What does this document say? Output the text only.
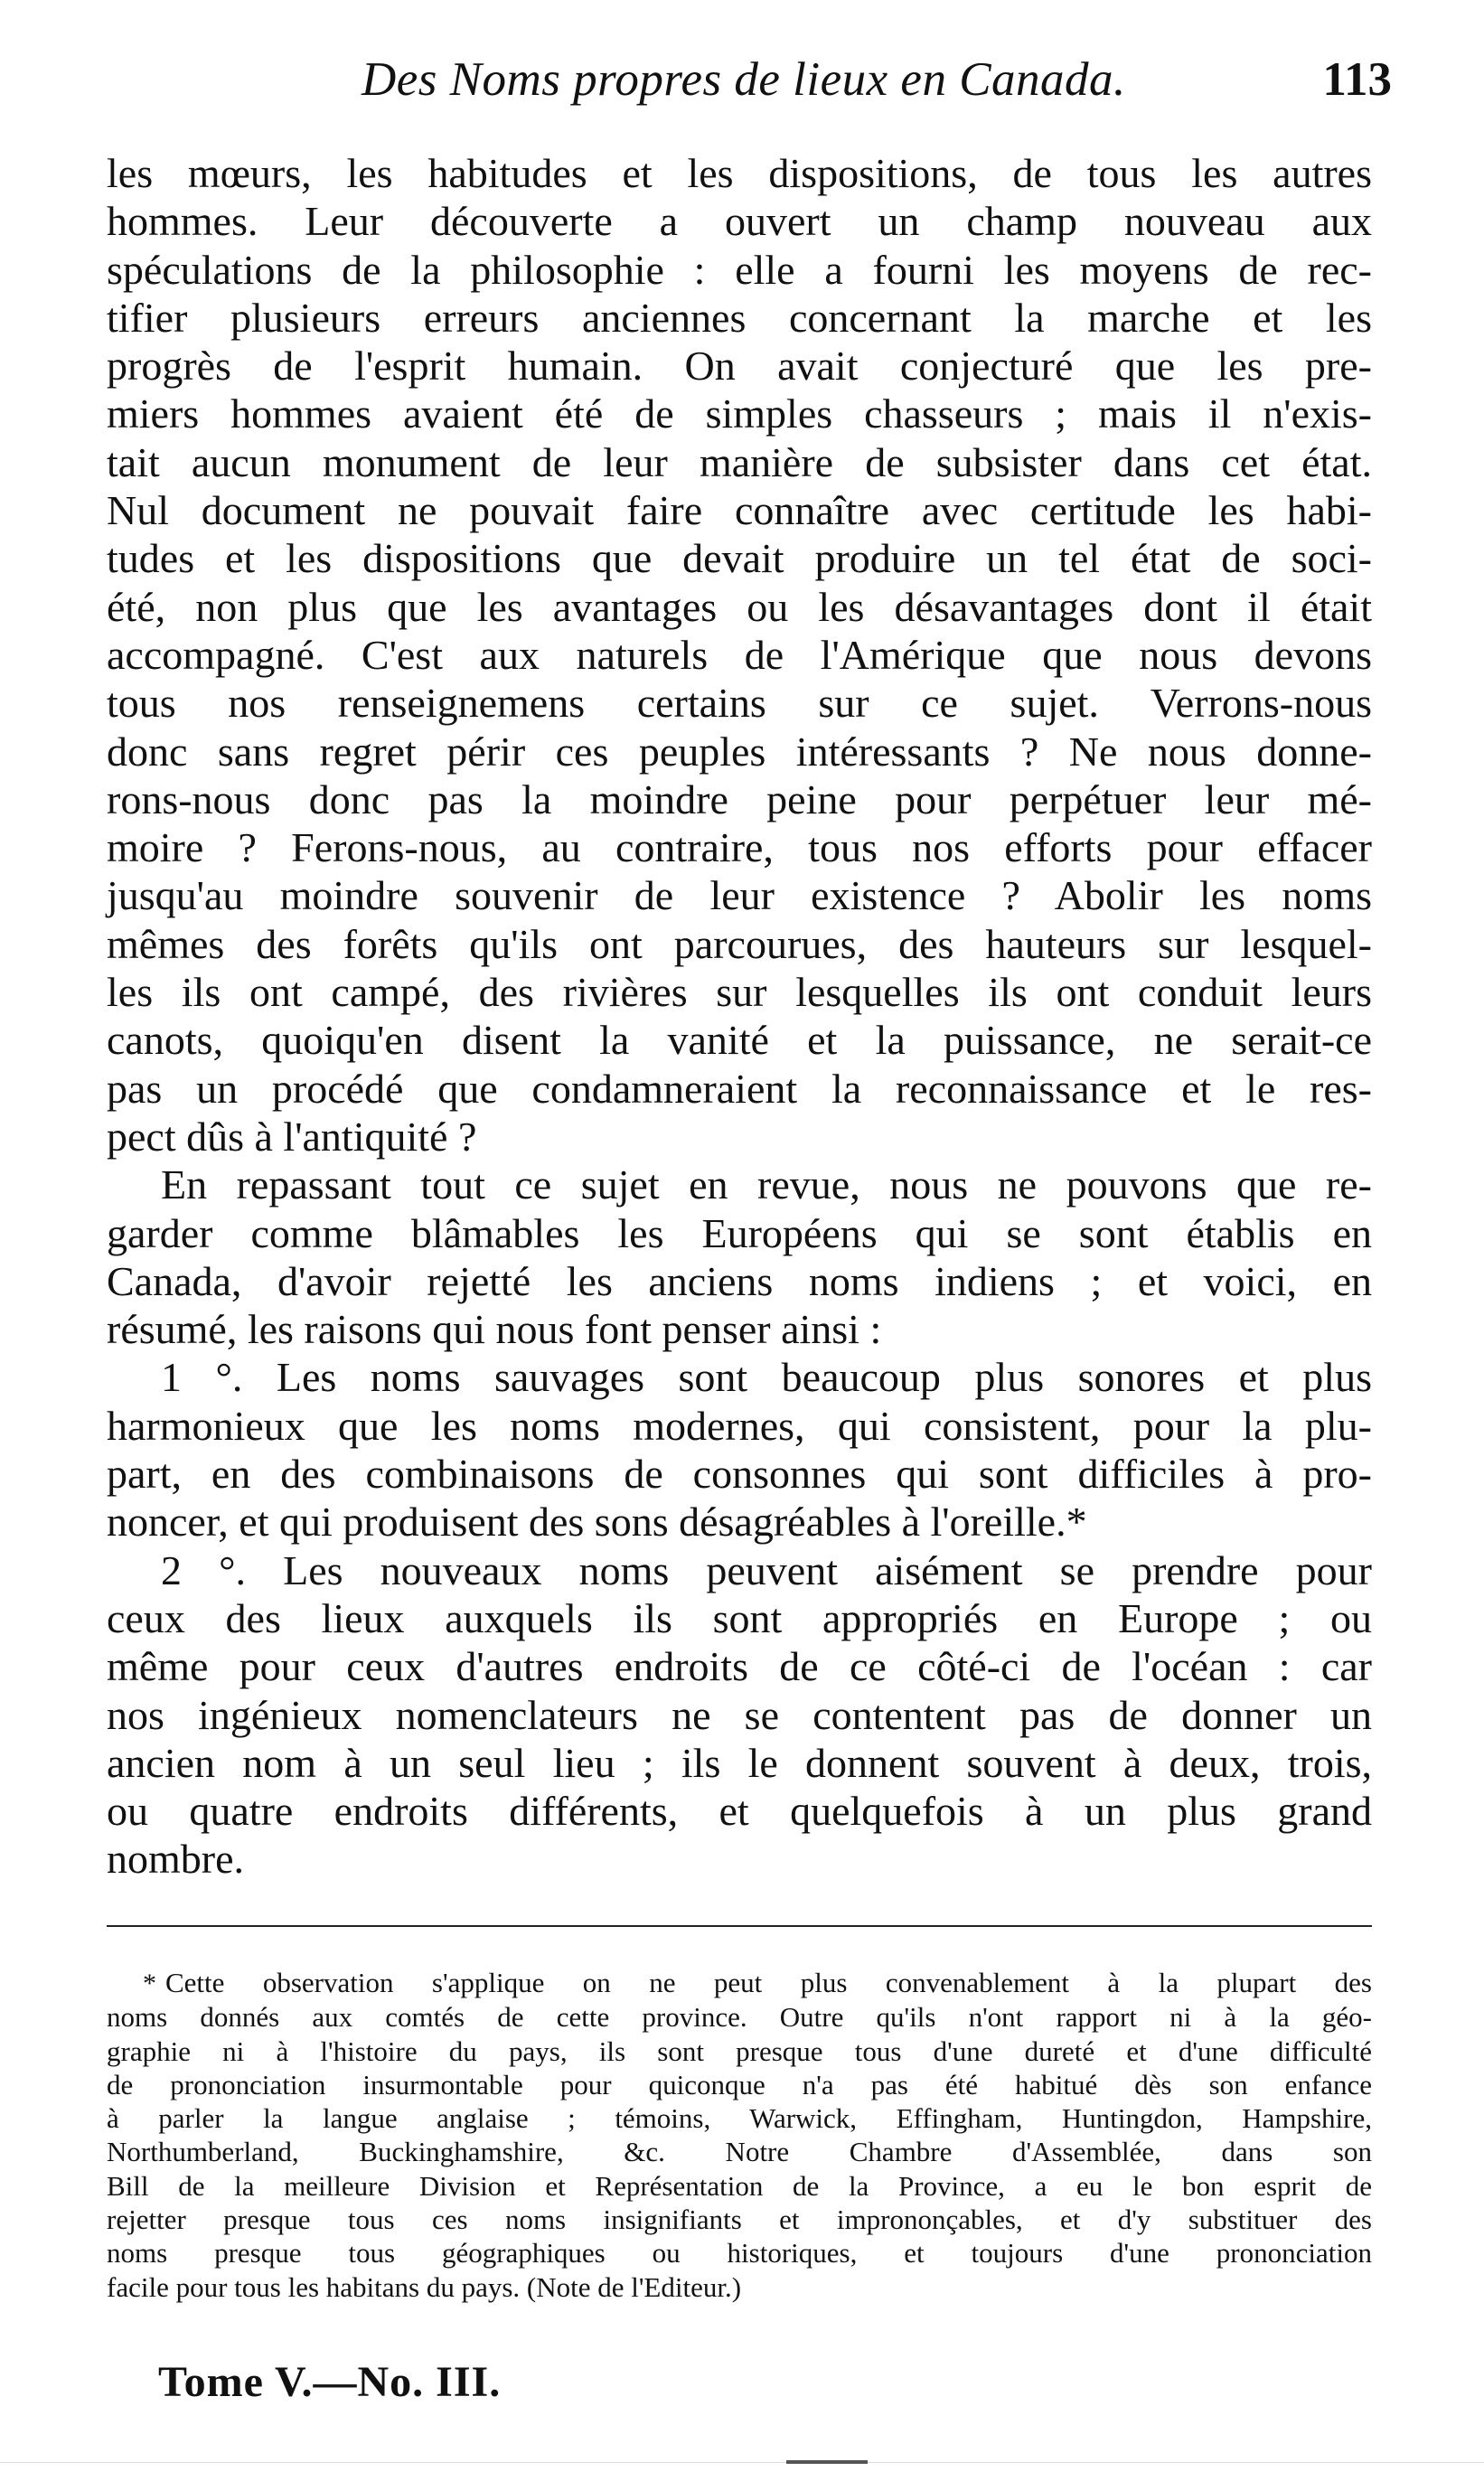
Des Noms propres de lieux en Canada.	113
les mœurs, les habitudes et les dispositions, de tous les autres
hommes. Leur découverte a ouvert un champ nouveau aux
spéculations de la philosophie : elle a fourni les moyens de rec-
tifier plusieurs erreurs anciennes concernant la marche et les
progrès de l'esprit humain. On avait conjecturé que les pre-
miers hommes avaient été de simples chasseurs ; mais il n'exis-
tait aucun monument de leur manière de subsister dans cet état.
Nul document ne pouvait faire connaître avec certitude les habi-
tudes et les dispositions que devait produire un tel état de soci-
été, non plus que les avantages ou les désavantages dont il était
accompagné. C'est aux naturels de l'Amérique que nous devons
tous nos renseignemens certains sur ce sujet. Verrons-nous
donc sans regret périr ces peuples intéressants ? Ne nous donne-
rons-nous donc pas la moindre peine pour perpétuer leur mé-
moire ? Ferons-nous, au contraire, tous nos efforts pour effacer
jusqu'au moindre souvenir de leur existence ? Abolir les noms
mêmes des forêts qu'ils ont parcourues, des hauteurs sur lesquel-
les ils ont campé, des rivières sur lesquelles ils ont conduit leurs
canots, quoiqu'en disent la vanité et la puissance, ne serait-ce
pas un procédé que condamneraient la reconnaissance et le res-
pect dûs à l'antiquité ?
En repassant tout ce sujet en revue, nous ne pouvons que re-
garder comme blâmables les Européens qui se sont établis en
Canada, d'avoir rejetté les anciens noms indiens ; et voici, en
résumé, les raisons qui nous font penser ainsi :
1 °. Les noms sauvages sont beaucoup plus sonores et plus
harmonieux que les noms modernes, qui consistent, pour la plu-
part, en des combinaisons de consonnes qui sont difficiles à pro-
noncer, et qui produisent des sons désagréables à l'oreille.*
2 °. Les nouveaux noms peuvent aisément se prendre pour
ceux des lieux auxquels ils sont appropriés en Europe ; ou
même pour ceux d'autres endroits de ce côté-ci de l'océan : car
nos ingénieux nomenclateurs ne se contentent pas de donner un
ancien nom à un seul lieu ; ils le donnent souvent à deux, trois,
ou quatre endroits différents, et quelquefois à un plus grand
nombre.
* Cette observation s'applique on ne peut plus convenablement à la plupart des
noms donnés aux comtés de cette province. Outre qu'ils n'ont rapport ni à la géo-
graphie ni à l'histoire du pays, ils sont presque tous d'une dureté et d'une difficulté
de prononciation insurmontable pour quiconque n'a pas été habitué dès son enfance
à parler la langue anglaise ; témoins, Warwick, Effingham, Huntingdon, Hampshire,
Northumberland, Buckinghamshire, &c. Notre Chambre d'Assemblée, dans son
Bill de la meilleure Division et Représentation de la Province, a eu le bon esprit de
rejetter presque tous ces noms insignifiants et imprononçables, et d'y substituer des
noms presque tous géographiques ou historiques, et toujours d'une prononciation
facile pour tous les habitans du pays. (Note de l'Editeur.)
Tome V.—No. III.
